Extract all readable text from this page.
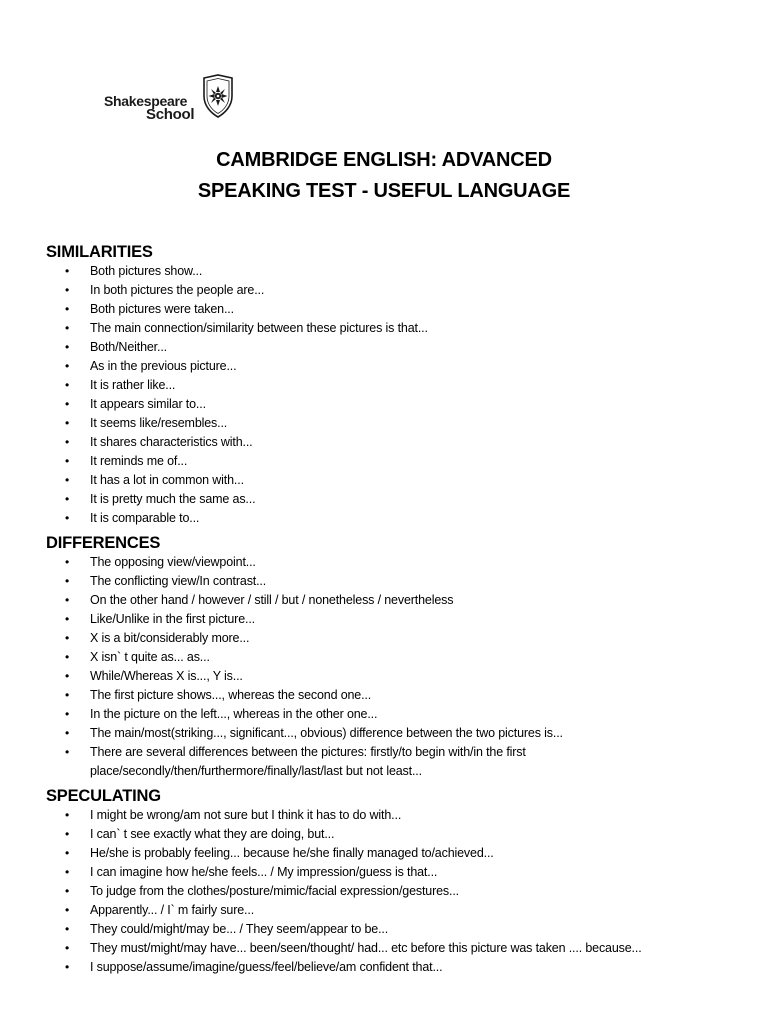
Shakespeare
School
CAMBRIDGE ENGLISH: ADVANCED
SPEAKING TEST - USEFUL LANGUAGE
SIMILARITIES
• Both pictures show...
• In both pictures the people are...
• Both pictures were taken...
• The main connection/similarity between these pictures is that...
• Both/Neither...
• As in the previous picture...
• It is rather like...
• It appears similar to...
• It seems like/resembles...
• It shares characteristics with...
• It reminds me of...
• It has a lot in common with...
• It is pretty much the same as...
• It is comparable to...
DIFFERENCES
• The opposing view/viewpoint...
• The conflicting view/In contrast...
• On the other hand / however / still / but / nonetheless / nevertheless
• Like/Unlike in the first picture...
• X is a bit/considerably more...
• X isn` t quite as... as...
• While/Whereas X is..., Y is...
• The first picture shows..., whereas the second one...
• In the picture on the left..., whereas in the other one...
• The main/most(striking..., significant..., obvious) difference between the two pictures is...
• There are several differences between the pictures: firstly/to begin with/in the first place/secondly/then/furthermore/finally/last/last but not least...
SPECULATING
• I might be wrong/am not sure but I think it has to do with...
• I can` t see exactly what they are doing, but...
• He/she is probably feeling... because he/she finally managed to/achieved...
• I can imagine how he/she feels... / My impression/guess is that...
• To judge from the clothes/posture/mimic/facial expression/gestures...
• Apparently... / I` m fairly sure...
• They could/might/may be... / They seem/appear to be...
• They must/might/may have... been/seen/thought/ had... etc before this picture was taken .... because...
• I suppose/assume/imagine/guess/feel/believe/am confident that...
